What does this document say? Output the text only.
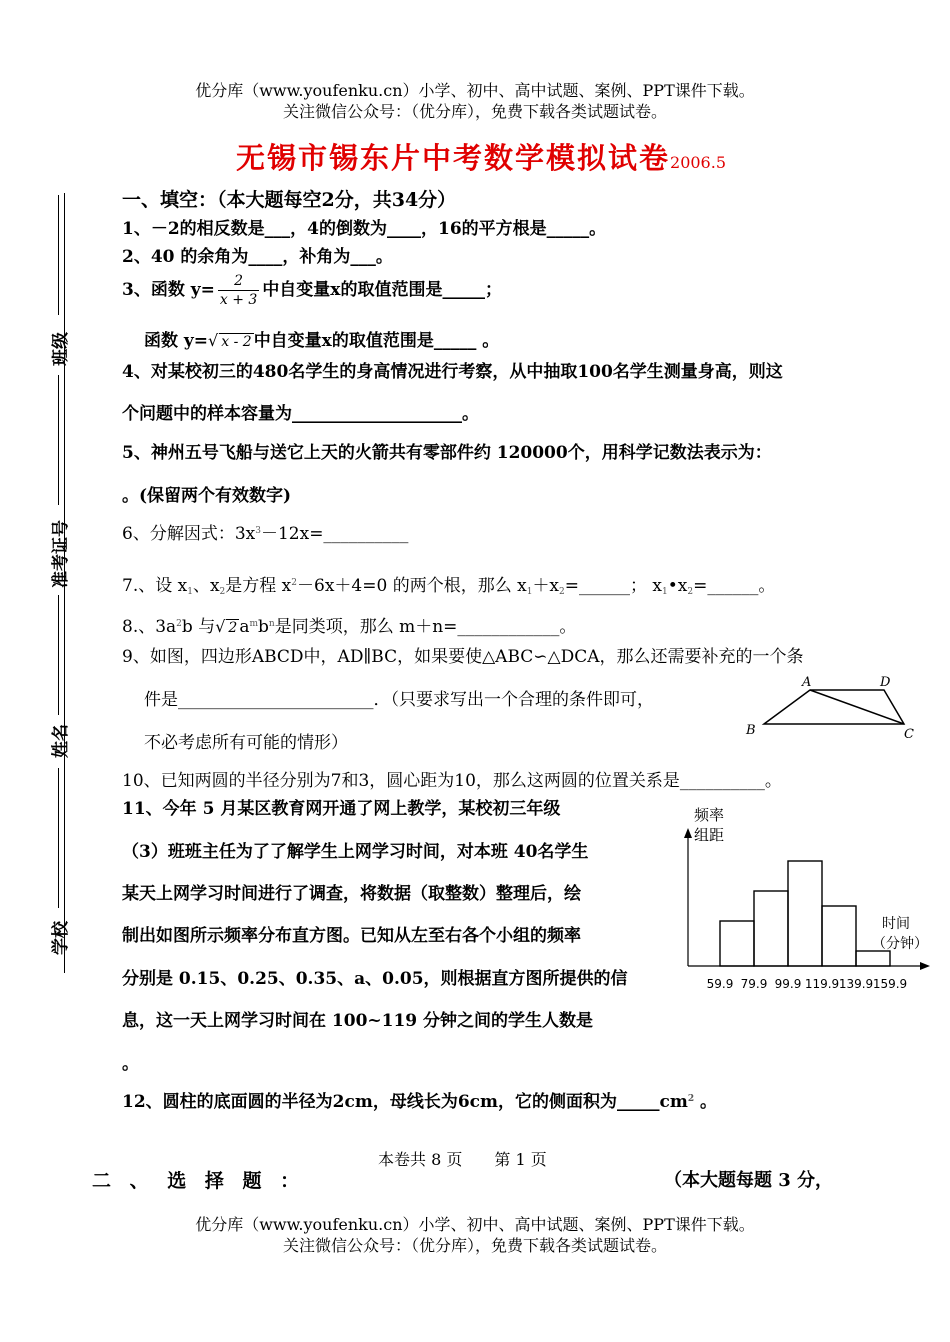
优分库（www.youfenku.cn）小学、初中、高中试题、案例、PPT课件下载。
关注微信公众号：（优分库），免费下载各类试题试卷。
无锡市锡东片中考数学模拟试卷2006.5
班级
准考证号
姓名
学校
一、填空：（本大题每空2分，共34分）
1、－2的相反数是___，4的倒数为____，16的平方根是_____。
2、40 的余角为____，补角为___。
3、函数 $y= \frac{2}{x + 3}$ 中自变量x的取值范围是_____；
函数 y=√ x - 2 中自变量x的取值范围是_____ 。
4、对某校初三的480名学生的身高情况进行考察，从中抽取100名学生测量身高，则这
个问题中的样本容量为____________________。
5、神州五号飞船与送它上天的火箭共有零部件约 120000个，用科学记数法表示为：
。(保留两个有效数字)
6、分解因式：$3x^3-12x=\_\_\_\_\_\_\_\_\_\_$
7.、设 $x_1$、$x_2$是方程 $x^2-6x+4=0$ 的两个根，那么 $x_1+x_2=\_\_\_\_\_\_$； $x_1•x_2=\_\_\_\_\_\_$。
8.、$3a^2b$ 与√ 2 $a^mb^n$是同类项，那么 m＋n=____________。
9、如图，四边形ABCD中，AD∥BC，如果要使△ABC∽△DCA，那么还需要补充的一个条
件是_______________________．（只要求写出一个合理的条件即可，
不必考虑所有可能的情形）
A	D
B	C
10、已知两圆的半径分别为7和3，圆心距为10，那么这两圆的位置关系是__________。
11、今年 5 月某区教育网开通了网上教学，某校初三年级
（3）班班主任为了了解学生上网学习时间，对本班 40名学生
某天上网学习时间进行了调查，将数据（取整数）整理后，绘
制出如图所示频率分布直方图。已知从左至右各个小组的频率
分别是 0.15、0.25、0.35、a、0.05，则根据直方图所提供的信
息，这一天上网学习时间在 100~119 分钟之间的学生人数是
。
频率
组距
时间
（分钟）
59.9 79.9 99.9 119.9 139.9 159.9
12、圆柱的底面圆的半径为2cm，母线长为6cm，它的侧面积为$\_\_\_\_\_cm^2$ 。
本卷共 8 页　　第 1 页
二 、 选 择 题 ：	（本大题每题 3 分，
优分库（www.youfenku.cn）小学、初中、高中试题、案例、PPT课件下载。
关注微信公众号：（优分库），免费下载各类试题试卷。
